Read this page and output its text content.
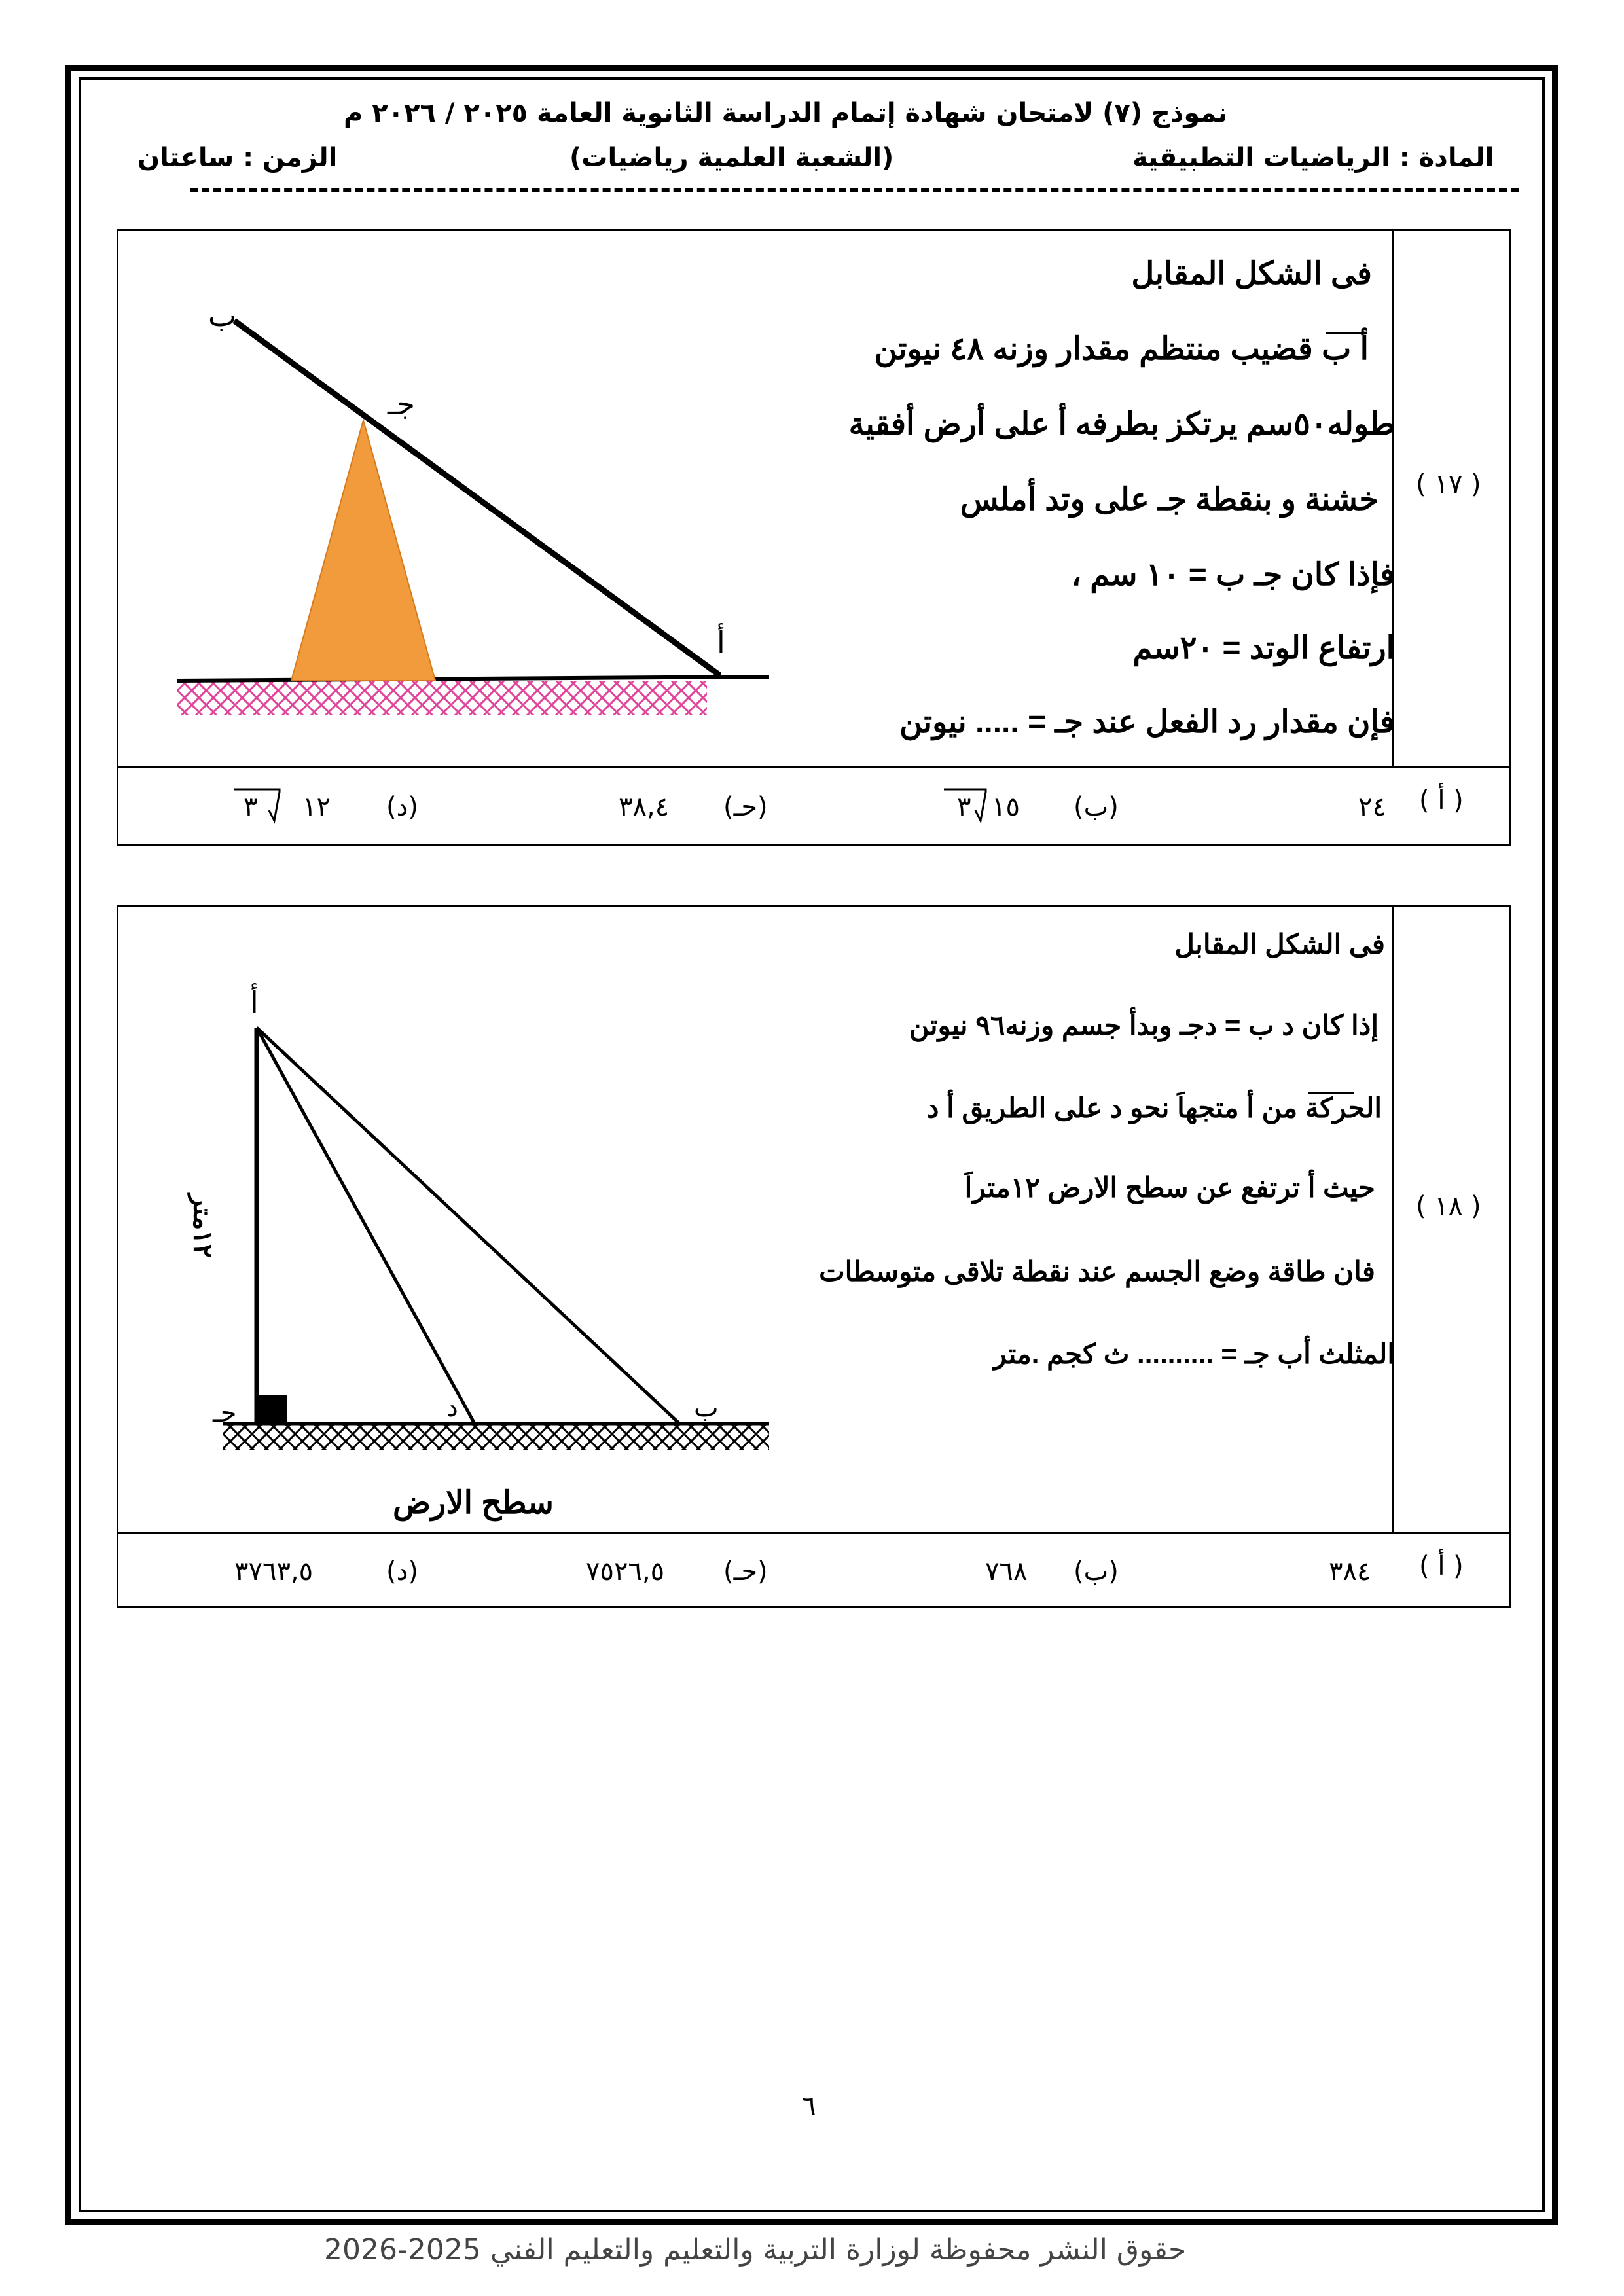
نموذج (٧) لامتحان شهادة إتمام الدراسة الثانوية العامة ٢٠٢٥ / ٢٠٢٦ م
المادة : الرياضيات التطبيقية
(الشعبة العلمية رياضيات)
الزمن : ساعتان
( ١٧ )
فى الشكل المقابل
أ ب قضيب منتظم مقدار وزنه ٤٨ نيوتن
طوله٥٠سم يرتكز بطرفه أ على أرض أفقية
خشنة و بنقطة جـ على وتد أملس
فإذا كان جـ ب = ١٠ سم ،
ارتفاع الوتد = ٢٠سم
فإن مقدار رد الفعل عند جـ = ..... نيوتن
ب
جـ
أ
( أ )
٢٤
(ب)
١٥
٣
(حـ)
٣٨,٤
(د)
١٢
٣
( ١٨ )
فى الشكل المقابل
إذا كان د ب = دجـ وبدأ جسم وزنه٩٦ نيوتن
الحركة من أ متجهاَ نحو د على الطريق أ د
حيث أ ترتفع عن سطح الارض ١٢متراَ
فان طاقة وضع الجسم عند نقطة تلاقى متوسطات
المثلث أب جـ = .......... ث كجم .متر
أ
جـ	د	ب
١٢متر
سطح الارض
( أ )
٣٨٤
(ب)
٧٦٨
(حـ)
٧٥٢٦,٥
(د)
٣٧٦٣,٥
٦
حقوق النشر محفوظة لوزارة التربية والتعليم والتعليم الفني 2025-2026
